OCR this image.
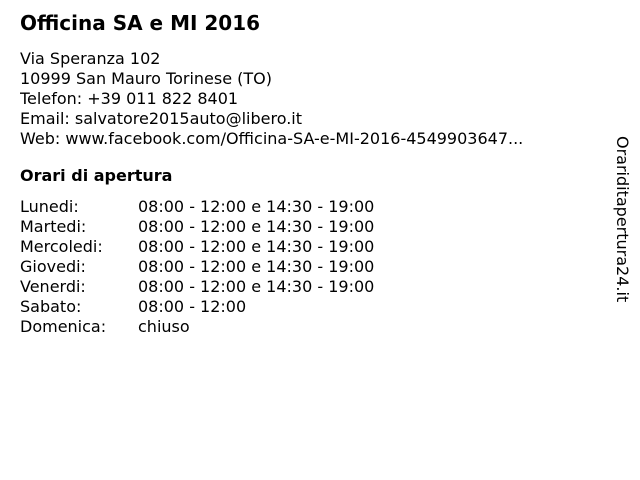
Officina SA e MI 2016
Via Speranza 102
10999 San Mauro Torinese (TO)
Telefon: +39 011 822 8401
Email: salvatore2015auto@libero.it
Web: www.facebook.com/Officina-SA-e-MI-2016-4549903647...
Orari di apertura
Lunedi:	08:00 - 12:00 e 14:30 - 19:00
Martedi:	08:00 - 12:00 e 14:30 - 19:00
Mercoledi:	08:00 - 12:00 e 14:30 - 19:00
Giovedi:	08:00 - 12:00 e 14:30 - 19:00
Venerdi:	08:00 - 12:00 e 14:30 - 19:00
Sabato:	08:00 - 12:00
Domenica:	chiuso
Orariditapertura24.it
